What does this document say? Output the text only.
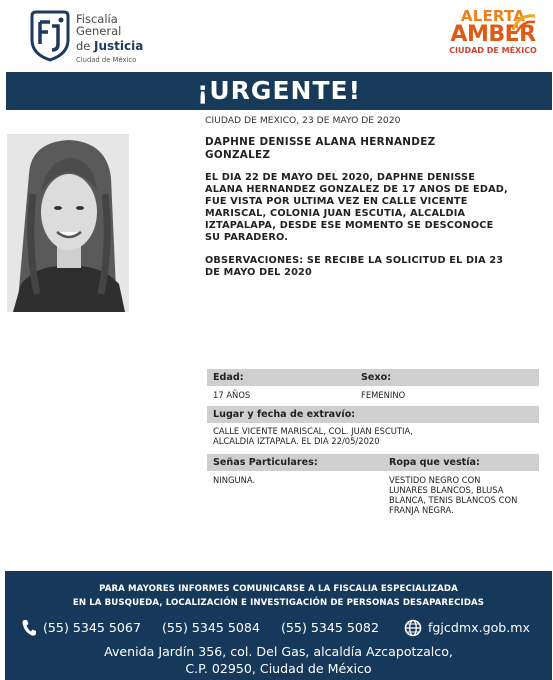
Fiscalía
General
de Justicia
Ciudad de México
ALERTA
AMBER
CIUDAD DE MÉXICO
¡URGENTE!
CIUDAD DE MEXICO, 23 DE MAYO DE 2020
DAPHNE DENISSE ALANA HERNANDEZ
GONZALEZ
EL DIA 22 DE MAYO DEL 2020, DAPHNE DENISSE
ALANA HERNANDEZ GONZALEZ DE 17 ANOS DE EDAD,
FUE VISTA POR ULTIMA VEZ EN CALLE VICENTE
MARISCAL, COLONIA JUAN ESCUTIA, ALCALDIA
IZTAPALAPA, DESDE ESE MOMENTO SE DESCONOCE
SU PARADERO.
OBSERVACIONES: SE RECIBE LA SOLICITUD EL DIA 23
DE MAYO DEL 2020
Edad:	Sexo:
17 AÑOS	FEMENINO
Lugar y fecha de extravío:
CALLE VICENTE MARISCAL, COL. JUAN ESCUTIA,
ALCALDIA IZTAPALA. EL DIA 22/05/2020
Señas Particulares:	Ropa que vestía:
NINGUNA.	VESTIDO NEGRO CON
LUNARES BLANCOS, BLUSA
BLANCA, TENIS BLANCOS CON
FRANJA NEGRA.
PARA MAYORES INFORMES COMUNICARSE A LA FISCALIA ESPECIALIZADA
EN LA BUSQUEDA, LOCALIZACIÓN E INVESTIGACIÓN DE PERSONAS DESAPARECIDAS
(55) 5345 5067 (55) 5345 5084 (55) 5345 5082	fgjcdmx.gob.mx
Avenida Jardín 356, col. Del Gas, alcaldía Azcapotzalco,
C.P. 02950, Ciudad de México
